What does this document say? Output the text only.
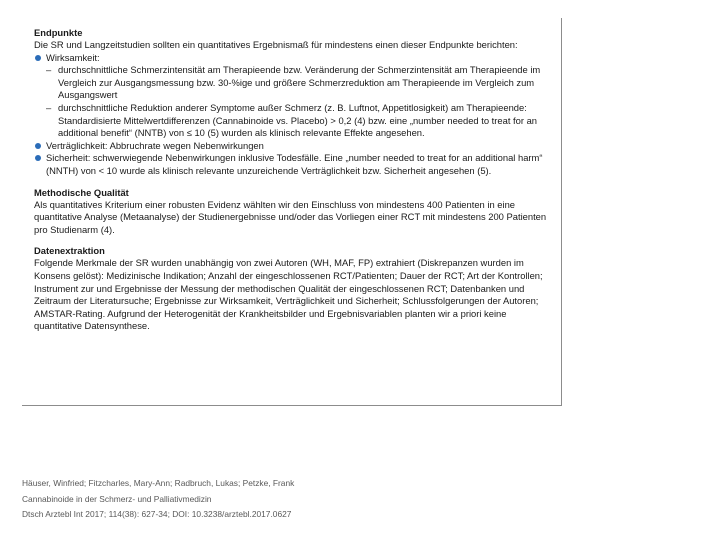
Endpunkte

Die SR und Langzeitstudien sollten ein quantitatives Ergebnismaß für mindestens einen dieser Endpunkte berichten:

Wirksamkeit:
– durchschnittliche Schmerzintensität am Therapieende bzw. Veränderung der Schmerzintensität am Therapieende im Vergleich zur Ausgangsmessung bzw. 30-%ige und größere Schmerzreduktion am Therapieende im Vergleich zum Ausgangswert
– durchschnittliche Reduktion anderer Symptome außer Schmerz (z. B. Luftnot, Appetitlosigkeit) am Therapieende: Standardisierte Mittelwertdifferenzen (Cannabinoide vs. Placebo) > 0,2 (4) bzw. eine „number needed to treat for an additional benefit“ (NNTB) von ≤ 10 (5) wurden als klinisch relevante Effekte angesehen.
Verträglichkeit: Abbruchrate wegen Nebenwirkungen
Sicherheit: schwerwiegende Nebenwirkungen inklusive Todesfälle. Eine „number needed to treat for an additional harm“ (NNTH) von < 10 wurde als klinisch relevante unzureichende Verträglichkeit bzw. Sicherheit angesehen (5).

Methodische Qualität

Als quantitatives Kriterium einer robusten Evidenz wählten wir den Einschluss von mindestens 400 Patienten in eine quantitative Analyse (Metaanalyse) der Studienergebnisse und/oder das Vorliegen einer RCT mit mindestens 200 Patienten pro Studienarm (4).

Datenextraktion

Folgende Merkmale der SR wurden unabhängig von zwei Autoren (WH, MAF, FP) extrahiert (Diskrepanzen wurden im Konsens gelöst): Medizinische Indikation; Anzahl der eingeschlossenen RCT/Patienten; Dauer der RCT; Art der Kontrollen; Instrument zur und Ergebnisse der Messung der methodischen Qualität der eingeschlossenen RCT; Datenbanken und Zeitraum der Literatursuche; Ergebnisse zur Wirksamkeit, Verträglichkeit und Sicherheit; Schlussfolgerungen der Autoren; AMSTAR-Rating. Aufgrund der Heterogenität der Krankheitsbilder und Ergebnisvariablen planten wir a priori keine quantitative Datensynthese.

Häuser, Winfried; Fitzcharles, Mary-Ann; Radbruch, Lukas; Petzke, Frank
Cannabinoide in der Schmerz- und Palliativmedizin
Dtsch Arztebl Int 2017; 114(38): 627-34; DOI: 10.3238/arztebl.2017.0627
